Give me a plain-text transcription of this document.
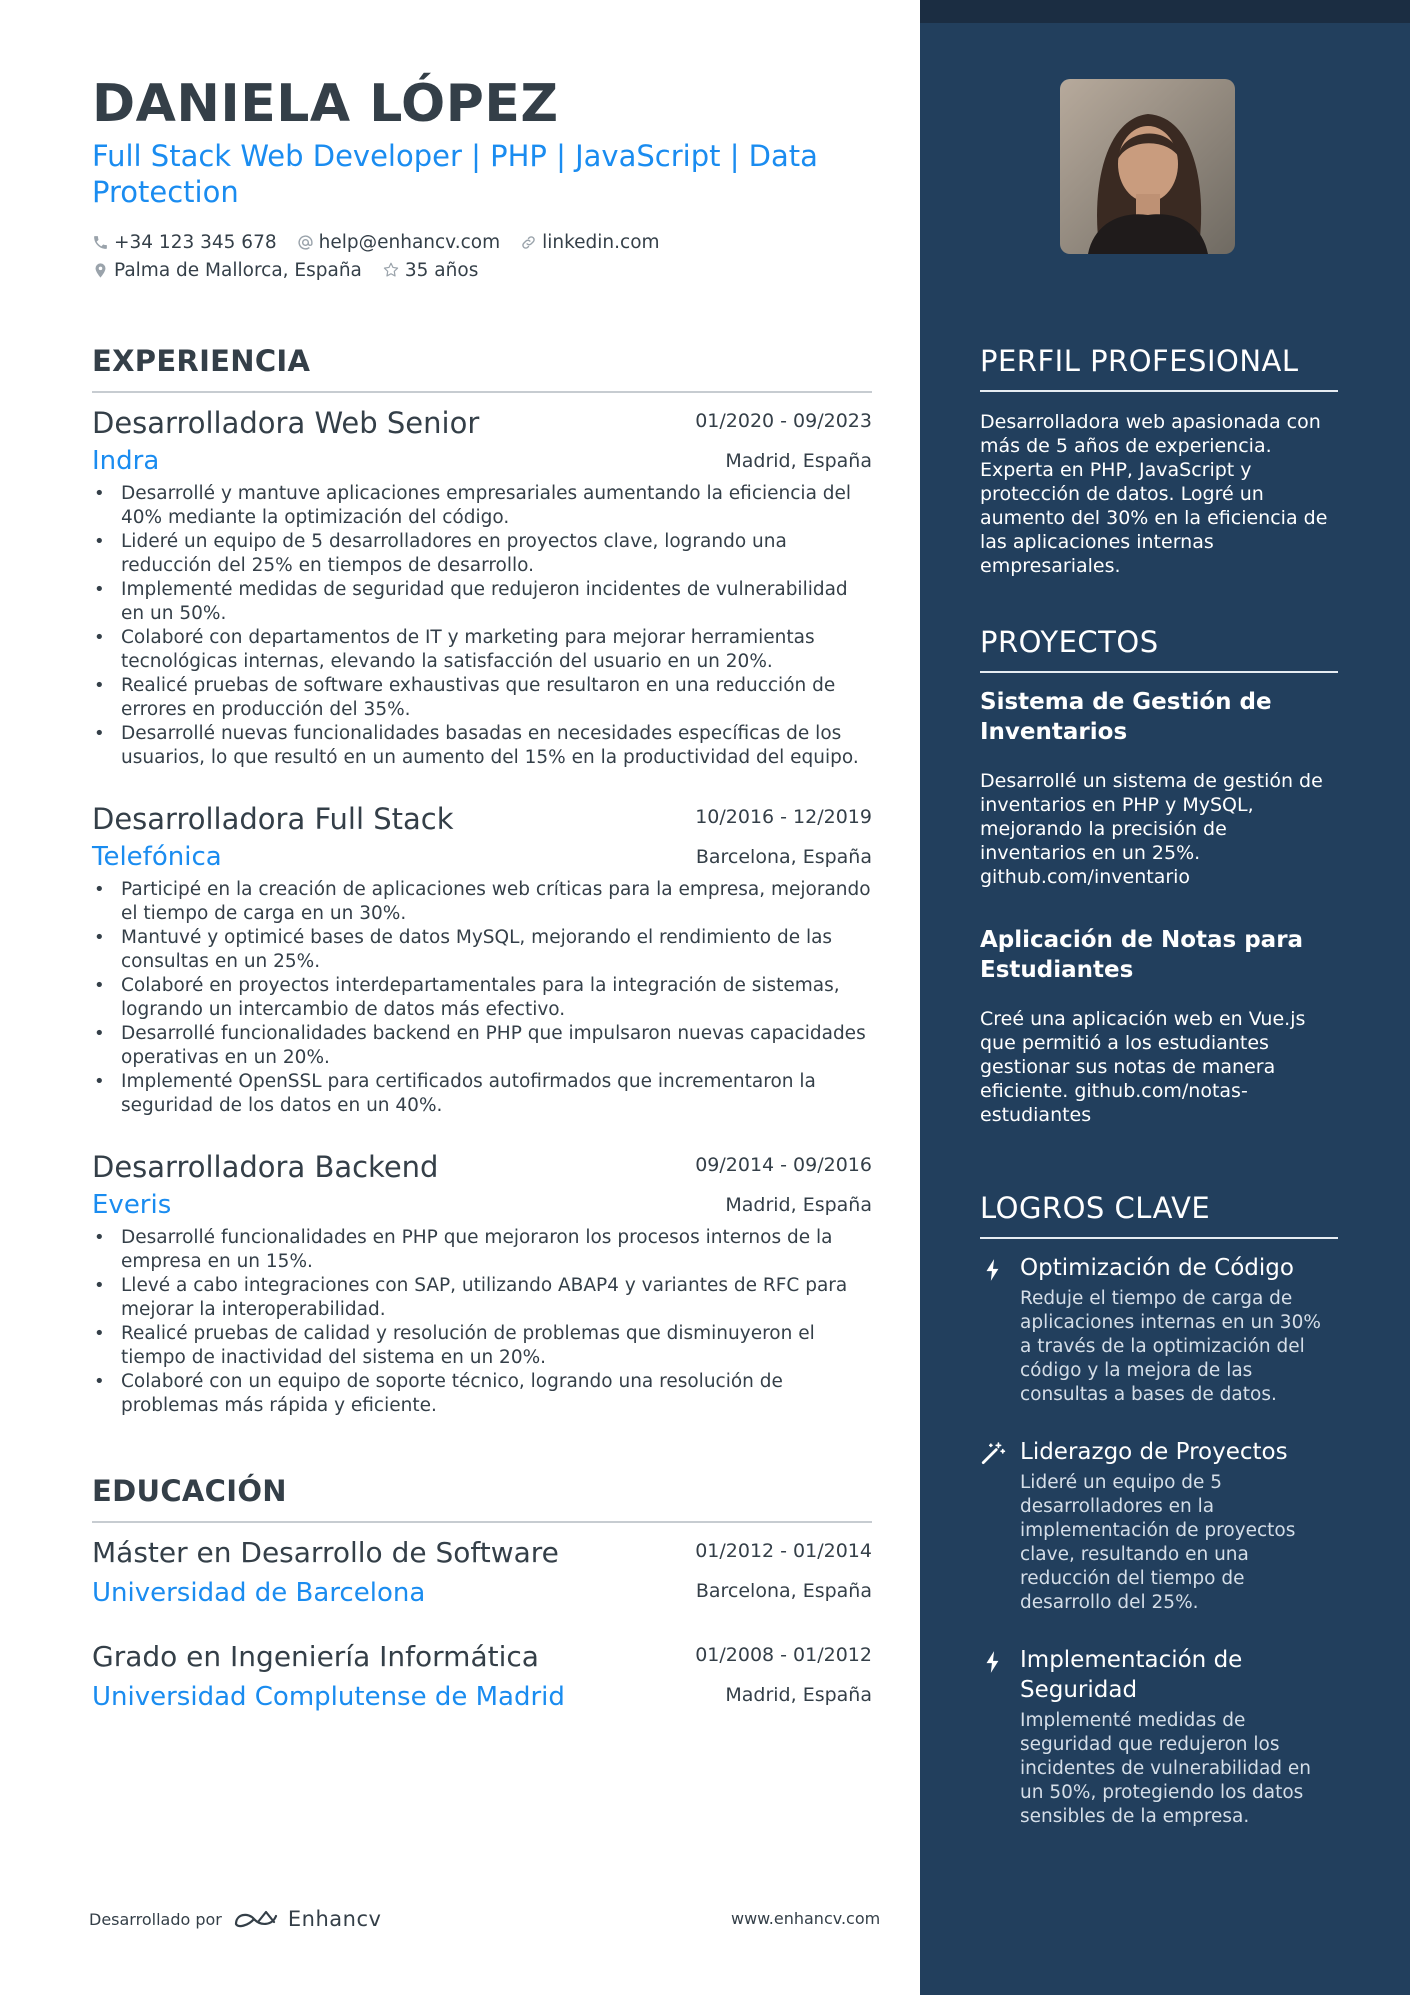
DANIELA LÓPEZ
Full Stack Web Developer | PHP | JavaScript | Data Protection
+34 123 345 678 help@enhancv.com linkedin.com
Palma de Mallorca, España 35 años
EXPERIENCIA
Desarrolladora Web Senior	01/2020 - 09/2023
Indra	Madrid, España
• Desarrollé y mantuve aplicaciones empresariales aumentando la eficiencia del 40% mediante la optimización del código.
• Lideré un equipo de 5 desarrolladores en proyectos clave, logrando una reducción del 25% en tiempos de desarrollo.
• Implementé medidas de seguridad que redujeron incidentes de vulnerabilidad en un 50%.
• Colaboré con departamentos de IT y marketing para mejorar herramientas tecnológicas internas, elevando la satisfacción del usuario en un 20%.
• Realicé pruebas de software exhaustivas que resultaron en una reducción de errores en producción del 35%.
• Desarrollé nuevas funcionalidades basadas en necesidades específicas de los usuarios, lo que resultó en un aumento del 15% en la productividad del equipo.
Desarrolladora Full Stack	10/2016 - 12/2019
Telefónica	Barcelona, España
• Participé en la creación de aplicaciones web críticas para la empresa, mejorando el tiempo de carga en un 30%.
• Mantuvé y optimicé bases de datos MySQL, mejorando el rendimiento de las consultas en un 25%.
• Colaboré en proyectos interdepartamentales para la integración de sistemas, logrando un intercambio de datos más efectivo.
• Desarrollé funcionalidades backend en PHP que impulsaron nuevas capacidades operativas en un 20%.
• Implementé OpenSSL para certificados autofirmados que incrementaron la seguridad de los datos en un 40%.
Desarrolladora Backend	09/2014 - 09/2016
Everis	Madrid, España
• Desarrollé funcionalidades en PHP que mejoraron los procesos internos de la empresa en un 15%.
• Llevé a cabo integraciones con SAP, utilizando ABAP4 y variantes de RFC para mejorar la interoperabilidad.
• Realicé pruebas de calidad y resolución de problemas que disminuyeron el tiempo de inactividad del sistema en un 20%.
• Colaboré con un equipo de soporte técnico, logrando una resolución de problemas más rápida y eficiente.
EDUCACIÓN
Máster en Desarrollo de Software	01/2012 - 01/2014
Universidad de Barcelona	Barcelona, España
Grado en Ingeniería Informática	01/2008 - 01/2012
Universidad Complutense de Madrid	Madrid, España
Desarrollado por	Enhancv	www.enhancv.com
PERFIL PROFESIONAL

Desarrolladora web apasionada con más de 5 años de experiencia. Experta en PHP, JavaScript y protección de datos. Logré un aumento del 30% en la eficiencia de las aplicaciones internas empresariales.

PROYECTOS
Sistema de Gestión de Inventarios

Desarrollé un sistema de gestión de inventarios en PHP y MySQL, mejorando la precisión de inventarios en un 25%. github.com/inventario

Aplicación de Notas para Estudiantes

Creé una aplicación web en Vue.js que permitió a los estudiantes gestionar sus notas de manera eficiente. github.com/notas-estudiantes

LOGROS CLAVE
Optimización de Código

Reduje el tiempo de carga de aplicaciones internas en un 30% a través de la optimización del código y la mejora de las consultas a bases de datos.

Liderazgo de Proyectos

Lideré un equipo de 5 desarrolladores en la implementación de proyectos clave, resultando en una reducción del tiempo de desarrollo del 25%.

Implementación de Seguridad

Implementé medidas de seguridad que redujeron los incidentes de vulnerabilidad en un 50%, protegiendo los datos sensibles de la empresa.
